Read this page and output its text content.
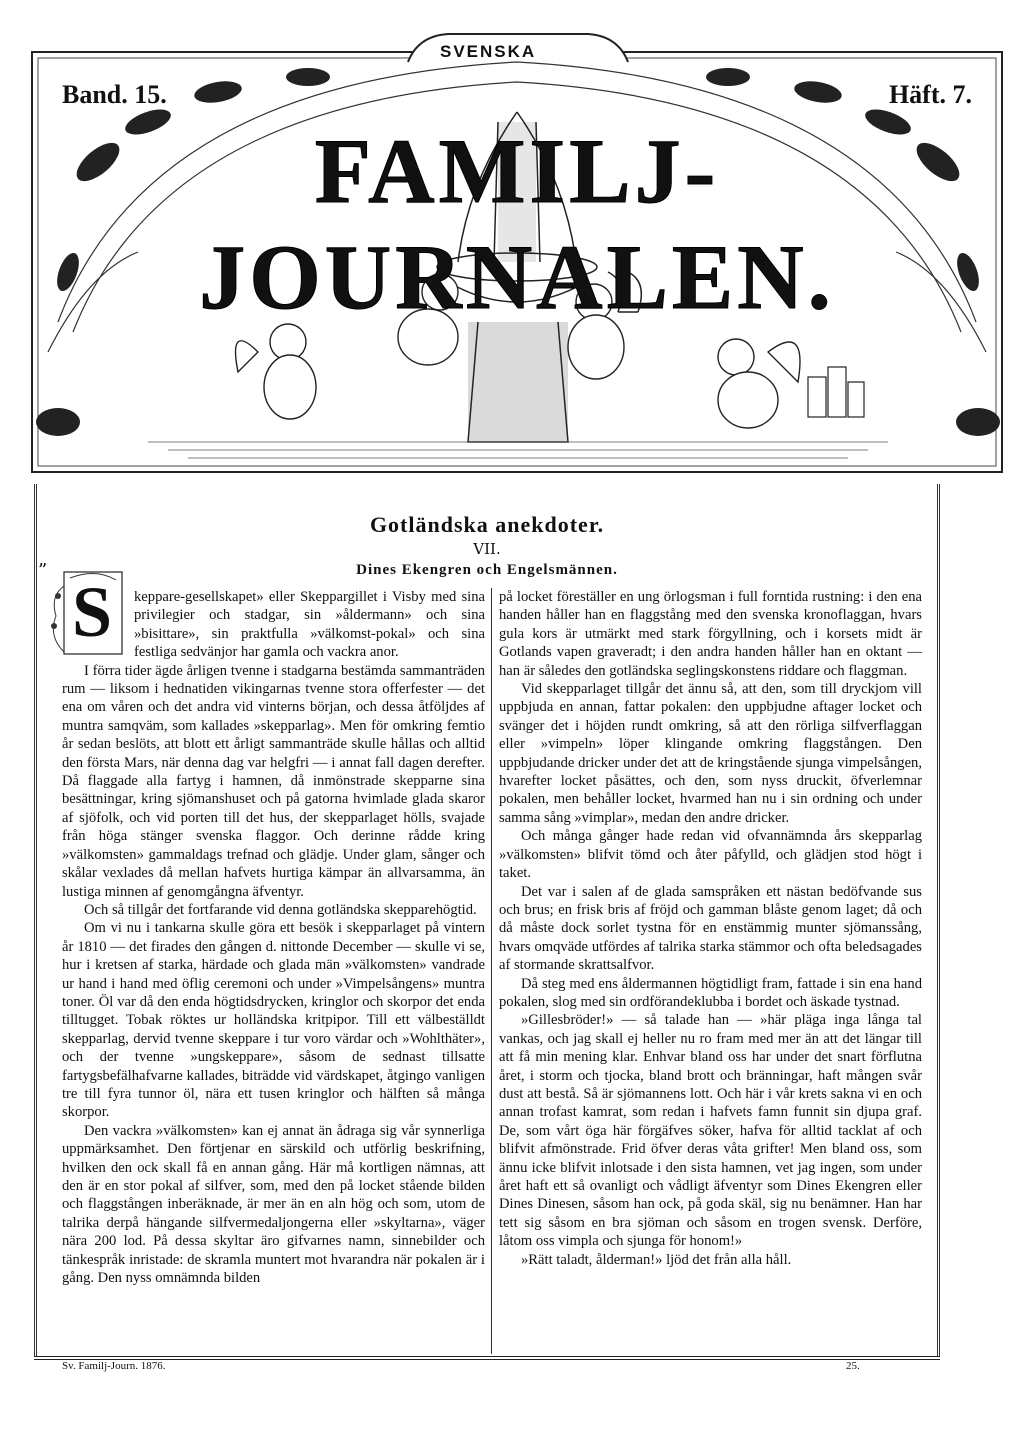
SVENSKA
Band. 15.	Häft. 7.
FAMILJ-JOURNALEN.
Gotländska anekdoter.
VII.
Dines Ekengren och Engelsmännen.

S keppare-gesellskapet» eller Skeppargillet i Visby med sina privilegier och stadgar, sin »åldermann» och sina »bisittare», sin praktfulla »välkomst-pokal» och sina festliga sedvänjor har gamla och vackra anor.

I förra tider ägde årligen tvenne i stadgarna bestämda sammanträden rum — liksom i hednatiden vikingarnas tvenne stora offerfester — det ena om våren och det andra vid vinterns början, och dessa åtföljdes af muntra samqväm, som kallades »skepparlag». Men för omkring femtio år sedan beslöts, att blott ett årligt sammanträde skulle hållas och alltid den första Mars, när denna dag var helgfri — i annat fall dagen derefter. Då flaggade alla fartyg i hamnen, då inmönstrade skepparne sina besättningar, kring sjömanshuset och på gatorna hvimlade glada skaror af sjöfolk, och vid porten till det hus, der skepparlaget hölls, svajade från höga stänger svenska flaggor. Och derinne rådde kring »välkomsten» gammaldags trefnad och glädje. Under glam, sånger och skålar vexlades då mellan hafvets hurtiga kämpar än allvarsamma, än lustiga minnen af genomgångna äfventyr.

Och så tillgår det fortfarande vid denna gotländska skepparehögtid.

Om vi nu i tankarna skulle göra ett besök i skepparlaget på vintern år 1810 — det firades den gången d. nittonde December — skulle vi se, hur i kretsen af starka, härdade och glada män »välkomsten» vandrade ur hand i hand med öflig ceremoni och under »Vimpelsångens» muntra toner. Öl var då den enda högtidsdrycken, kringlor och skorpor det enda tilltugget. Tobak röktes ur holländska kritpipor. Till ett välbeställdt skepparlag, dervid tvenne skeppare i tur voro värdar och »Wohlthäter», och der tvenne »ungskeppare», såsom de sednast tillsatte fartygsbefälhafvarne kallades, biträdde vid värdskapet, åtgingo vanligen tre till fyra tunnor öl, nära ett tusen kringlor och hälften så många skorpor.

Den vackra »välkomsten» kan ej annat än ådraga sig vår synnerliga uppmärksamhet. Den förtjenar en särskild och utförlig beskrifning, hvilken den ock skall få en annan gång. Här må kortligen nämnas, att den är en stor pokal af silfver, som, med den på locket stående bilden och flaggstången inberäknade, är mer än en aln hög och som, utom de talrika derpå hängande silfvermedaljongerna eller »skyltarna», väger nära 200 lod. På dessa skyltar äro gifvarnes namn, sinnebilder och tänkespråk inristade: de skramla muntert mot hvarandra när pokalen är i gång. Den nyss omnämnda bilden

”

på locket föreställer en ung örlogsman i full forntida rustning: i den ena handen håller han en flaggstång med den svenska kronoflaggan, hvars gula kors är utmärkt med stark förgyllning, och i korsets midt är Gotlands vapen graveradt; i den andra handen håller han en oktant — han är således den gotländska seglingskonstens riddare och flaggman.

Vid skepparlaget tillgår det ännu så, att den, som till dryckjom vill uppbjuda en annan, fattar pokalen: den uppbjudne aftager locket och svänger det i höjden rundt omkring, så att den rörliga silfverflaggan eller »vimpeln» löper klingande omkring flaggstången. Den uppbjudande dricker under det att de kringstående sjunga vimpelsången, hvarefter locket påsättes, och den, som nyss druckit, öfverlemnar pokalen, men behåller locket, hvarmed han nu i sin ordning och under samma sång »vimplar», medan den andre dricker.

Och många gånger hade redan vid ofvannämnda års skepparlag »välkomsten» blifvit tömd och åter påfylld, och glädjen stod högt i taket.

Det var i salen af de glada samspråken ett nästan bedöfvande sus och brus; en frisk bris af fröjd och gamman blåste genom laget; då och då måste dock sorlet tystna för en enstämmig munter sjömanssång, hvars omqväde utfördes af talrika starka stämmor och ofta beledsagades af stormande skrattsalfvor.

Då steg med ens åldermannen högtidligt fram, fattade i sin ena hand pokalen, slog med sin ordförandeklubba i bordet och äskade tystnad.

»Gillesbröder!» — så talade han — »här pläga inga långa tal vankas, och jag skall ej heller nu ro fram med mer än att det längar till att få min mening klar. Enhvar bland oss har under det snart förflutna året, i storm och tjocka, bland brott och bränningar, haft mången svår dust att bestå. Så är sjömannens lott. Och här i vår krets sakna vi en och annan trofast kamrat, som redan i hafvets famn funnit sin djupa graf. De, som vårt öga här förgäfves söker, hafva för alltid tacklat af och blifvit afmönstrade. Frid öfver deras våta grifter! Men bland oss, som ännu icke blifvit inlotsade i den sista hamnen, vet jag ingen, som under året haft ett så ovanligt och vådligt äfventyr som Dines Ekengren eller Dines Dinesen, såsom han ock, på goda skäl, sig nu benämner. Han har tett sig såsom en bra sjöman och såsom en trogen svensk. Derföre, låtom oss vimpla och sjunga för honom!»

»Rätt taladt, ålderman!» ljöd det från alla håll.

Sv. Familj-Journ. 1876.	25.
